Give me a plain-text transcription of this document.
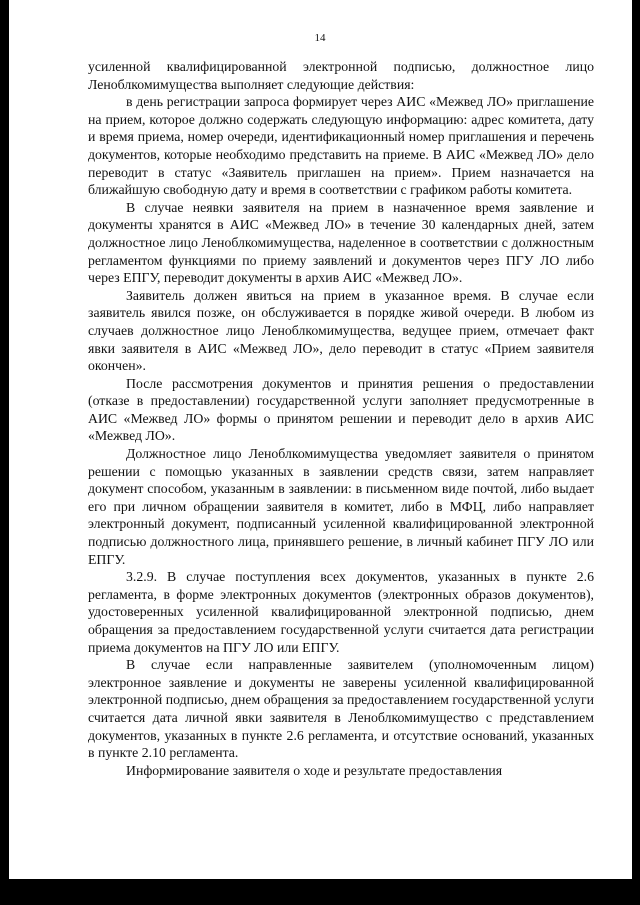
14

усиленной квалифицированной электронной подписью, должностное лицо Леноблкомимущества выполняет следующие действия:

в день регистрации запроса формирует через АИС «Межвед ЛО» приглашение на прием, которое должно содержать следующую информацию: адрес комитета, дату и время приема, номер очереди, идентификационный номер приглашения и перечень документов, которые необходимо представить на приеме. В АИС «Межвед ЛО» дело переводит в статус «Заявитель приглашен на прием». Прием назначается на ближайшую свободную дату и время в соответствии с графиком работы комитета.

В случае неявки заявителя на прием в назначенное время заявление и документы хранятся в АИС «Межвед ЛО» в течение 30 календарных дней, затем должностное лицо Леноблкомимущества, наделенное в соответствии с должностным регламентом функциями по приему заявлений и документов через ПГУ ЛО либо через ЕПГУ, переводит документы в архив АИС «Межвед ЛО».

Заявитель должен явиться на прием в указанное время. В случае если заявитель явился позже, он обслуживается в порядке живой очереди. В любом из случаев должностное лицо Леноблкомимущества, ведущее прием, отмечает факт явки заявителя в АИС «Межвед ЛО», дело переводит в статус «Прием заявителя окончен».

После рассмотрения документов и принятия решения о предоставлении (отказе в предоставлении) государственной услуги заполняет предусмотренные в АИС «Межвед ЛО» формы о принятом решении и переводит дело в архив АИС «Межвед ЛО».

Должностное лицо Леноблкомимущества уведомляет заявителя о принятом решении с помощью указанных в заявлении средств связи, затем направляет документ способом, указанным в заявлении: в письменном виде почтой, либо выдает его при личном обращении заявителя в комитет, либо в МФЦ, либо направляет электронный документ, подписанный усиленной квалифицированной электронной подписью должностного лица, принявшего решение, в личный кабинет ПГУ ЛО или ЕПГУ.

3.2.9. В случае поступления всех документов, указанных в пункте 2.6 регламента, в форме электронных документов (электронных образов документов), удостоверенных усиленной квалифицированной электронной подписью, днем обращения за предоставлением государственной услуги считается дата регистрации приема документов на ПГУ ЛО или ЕПГУ.

В случае если направленные заявителем (уполномоченным лицом) электронное заявление и документы не заверены усиленной квалифицированной электронной подписью, днем обращения за предоставлением государственной услуги считается дата личной явки заявителя в Леноблкомимущество с представлением документов, указанных в пункте 2.6 регламента, и отсутствие оснований, указанных в пункте 2.10 регламента.

Информирование заявителя о ходе и результате предоставления
